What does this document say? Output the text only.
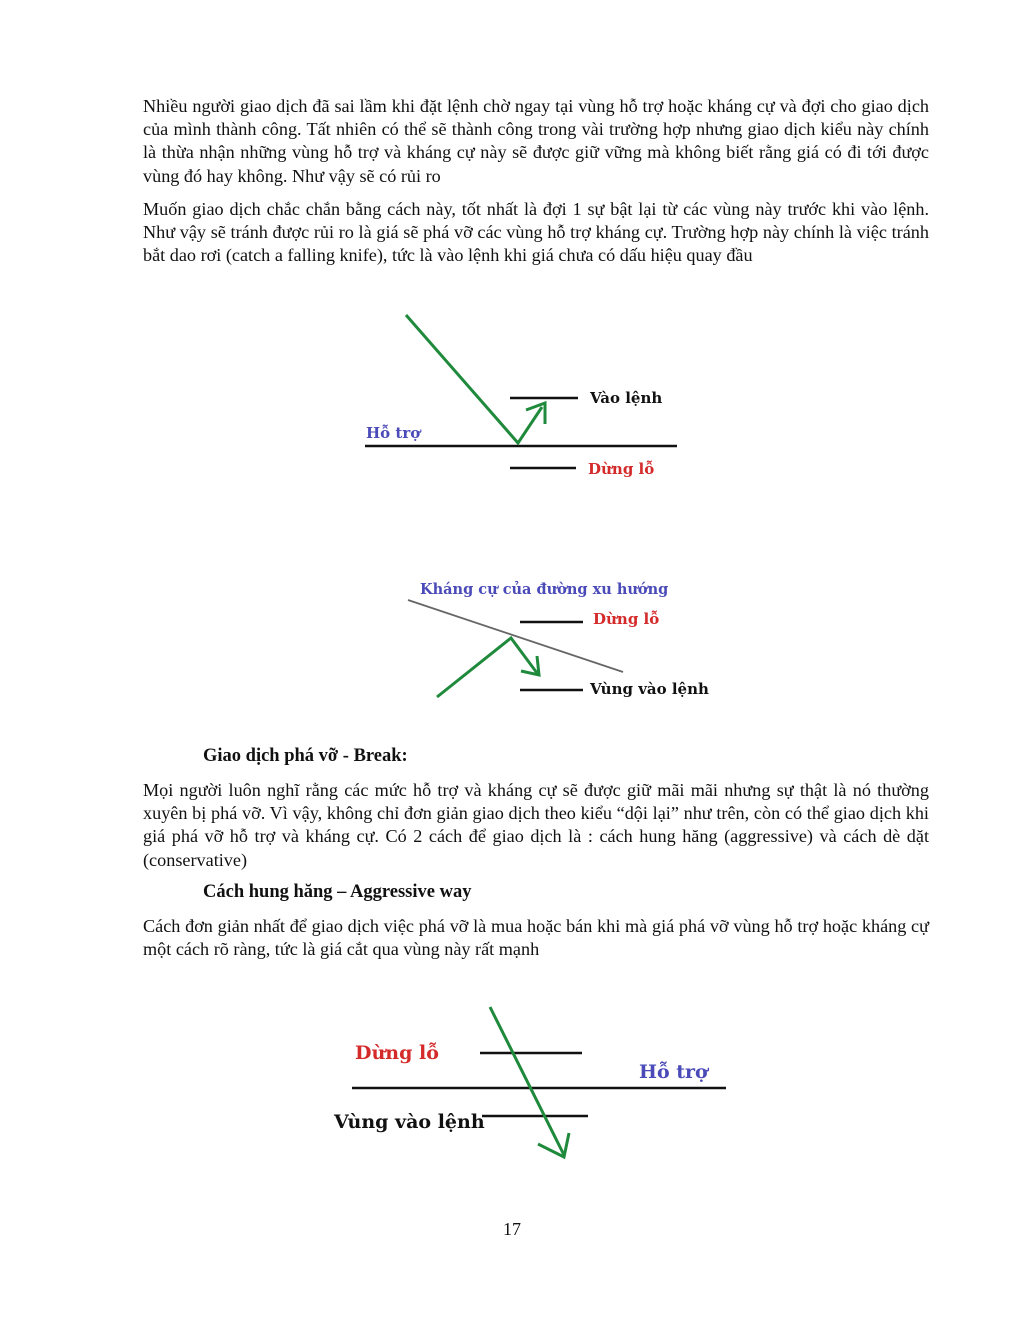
Nhiều người giao dịch đã sai lầm khi đặt lệnh chờ ngay tại vùng hỗ trợ hoặc kháng cự và đợi cho giao dịch của mình thành công. Tất nhiên có thể sẽ thành công trong vài trường hợp nhưng giao dịch kiểu này chính là thừa nhận những vùng hỗ trợ và kháng cự này sẽ được giữ vững mà không biết rằng giá có đi tới được vùng đó hay không. Như vậy sẽ có rủi ro

Muốn giao dịch chắc chắn bằng cách này, tốt nhất là đợi 1 sự bật lại từ các vùng này trước khi vào lệnh. Như vậy sẽ tránh được rủi ro là giá sẽ phá vỡ các vùng hỗ trợ kháng cự. Trường hợp này chính là việc tránh bắt dao rơi (catch a falling knife), tức là vào lệnh khi giá chưa có dấu hiệu quay đầu

Vào lệnh
Hỗ trợ
Dừng lỗ
Kháng cự của đường xu hướng
Dừng lỗ
Vùng vào lệnh

Giao dịch phá vỡ - Break:

Mọi người luôn nghĩ rằng các mức hỗ trợ và kháng cự sẽ được giữ mãi mãi nhưng sự thật là nó thường xuyên bị phá vỡ. Vì vậy, không chỉ đơn giản giao dịch theo kiểu “dội lại” như trên, còn có thể giao dịch khi giá phá vỡ hỗ trợ và kháng cự. Có 2 cách để giao dịch là : cách hung hăng (aggressive) và cách dè dặt (conservative)

Cách hung hăng – Aggressive way

Cách đơn giản nhất để giao dịch việc phá vỡ là mua hoặc bán khi mà giá phá vỡ vùng hỗ trợ hoặc kháng cự một cách rõ ràng, tức là giá cắt qua vùng này rất mạnh

Dừng lỗ
Hỗ trợ
Vùng vào lệnh
17
